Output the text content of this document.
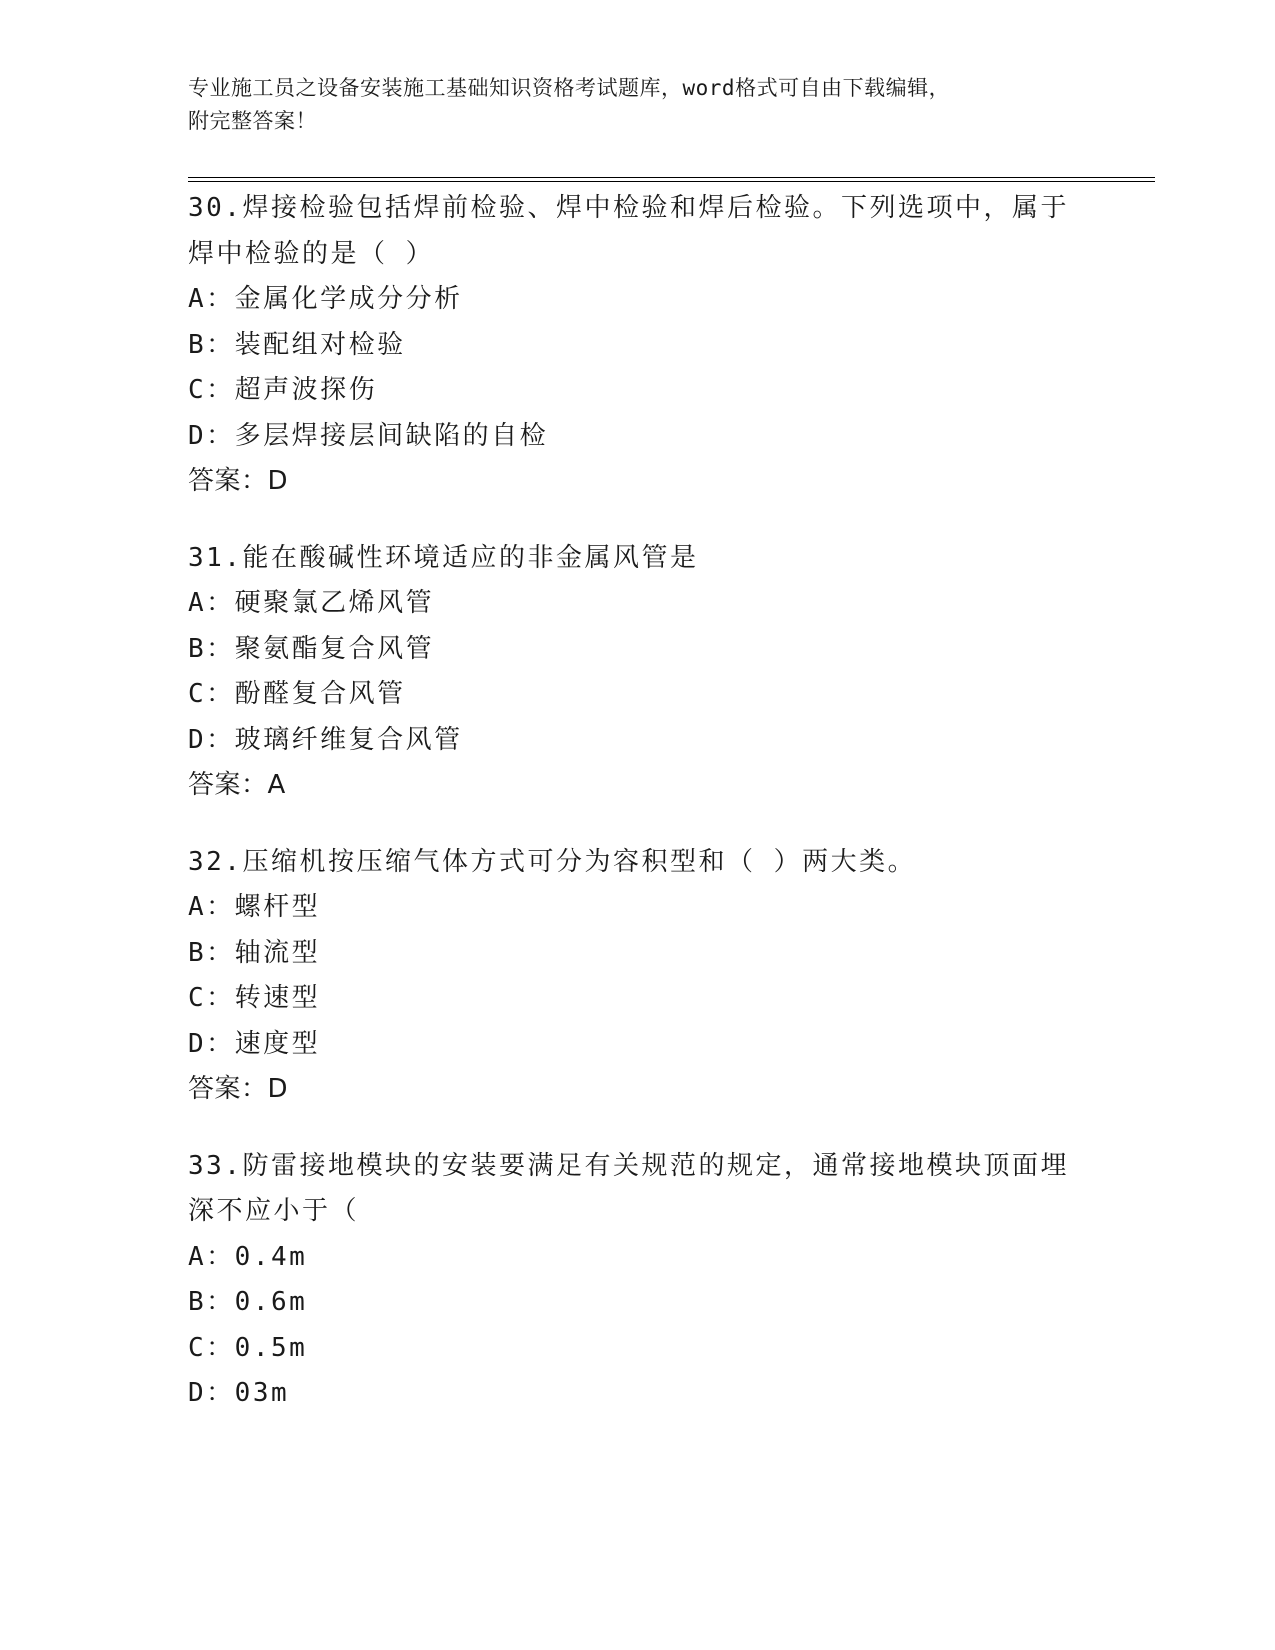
专业施工员之设备安装施工基础知识资格考试题库，word格式可自由下载编辑，
附完整答案！
30.焊接检验包括焊前检验、焊中检验和焊后检验。下列选项中，属于
焊中检验的是（ ）
A：金属化学成分分析
B：装配组对检验
C：超声波探伤
D：多层焊接层间缺陷的自检
答案：D
31.能在酸碱性环境适应的非金属风管是
A：硬聚氯乙烯风管
B：聚氨酯复合风管
C：酚醛复合风管
D：玻璃纤维复合风管
答案：A
32.压缩机按压缩气体方式可分为容积型和（ ）两大类。
A：螺杆型
B：轴流型
C：转速型
D：速度型
答案：D
33.防雷接地模块的安装要满足有关规范的规定，通常接地模块顶面埋
深不应小于（
A：0.4m
B：0.6m
C：0.5m
D：03m
